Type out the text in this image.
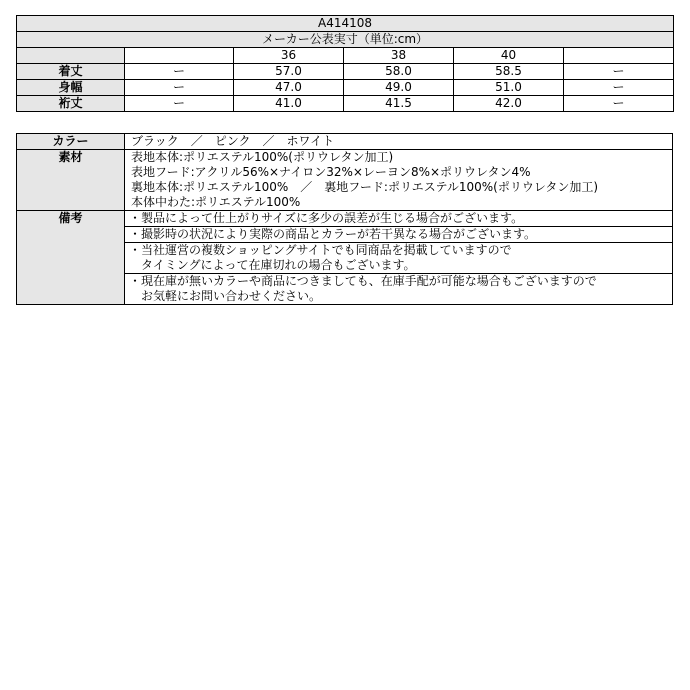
A414108					
メーカー公表実寸（単位:cm）					
		36	38	40	
着丈	ー	57.0	58.0	58.5	ー
身幅	ー	47.0	49.0	51.0	ー
裄丈	ー	41.0	41.5	42.0	ー
カラー	ブラック　／　ピンク　／　ホワイト
素材	表地本体:ポリエステル100%(ポリウレタン加工)
表地フード:アクリル56%×ナイロン32%×レーヨン8%×ポリウレタン4%
裏地本体:ポリエステル100%　／　裏地フード:ポリエステル100%(ポリウレタン加工)
本体中わた:ポリエステル100%

備考	・製品によって仕上がりサイズに多少の誤差が生じる場合がございます。

	・撮影時の状況により実際の商品とカラーが若干異なる場合がございます。

	・当社運営の複数ショッピングサイトでも同商品を掲載していますので
　タイミングによって在庫切れの場合もございます。

	・現在庫が無いカラーや商品につきましても、在庫手配が可能な場合もございますので
　お気軽にお問い合わせください。
